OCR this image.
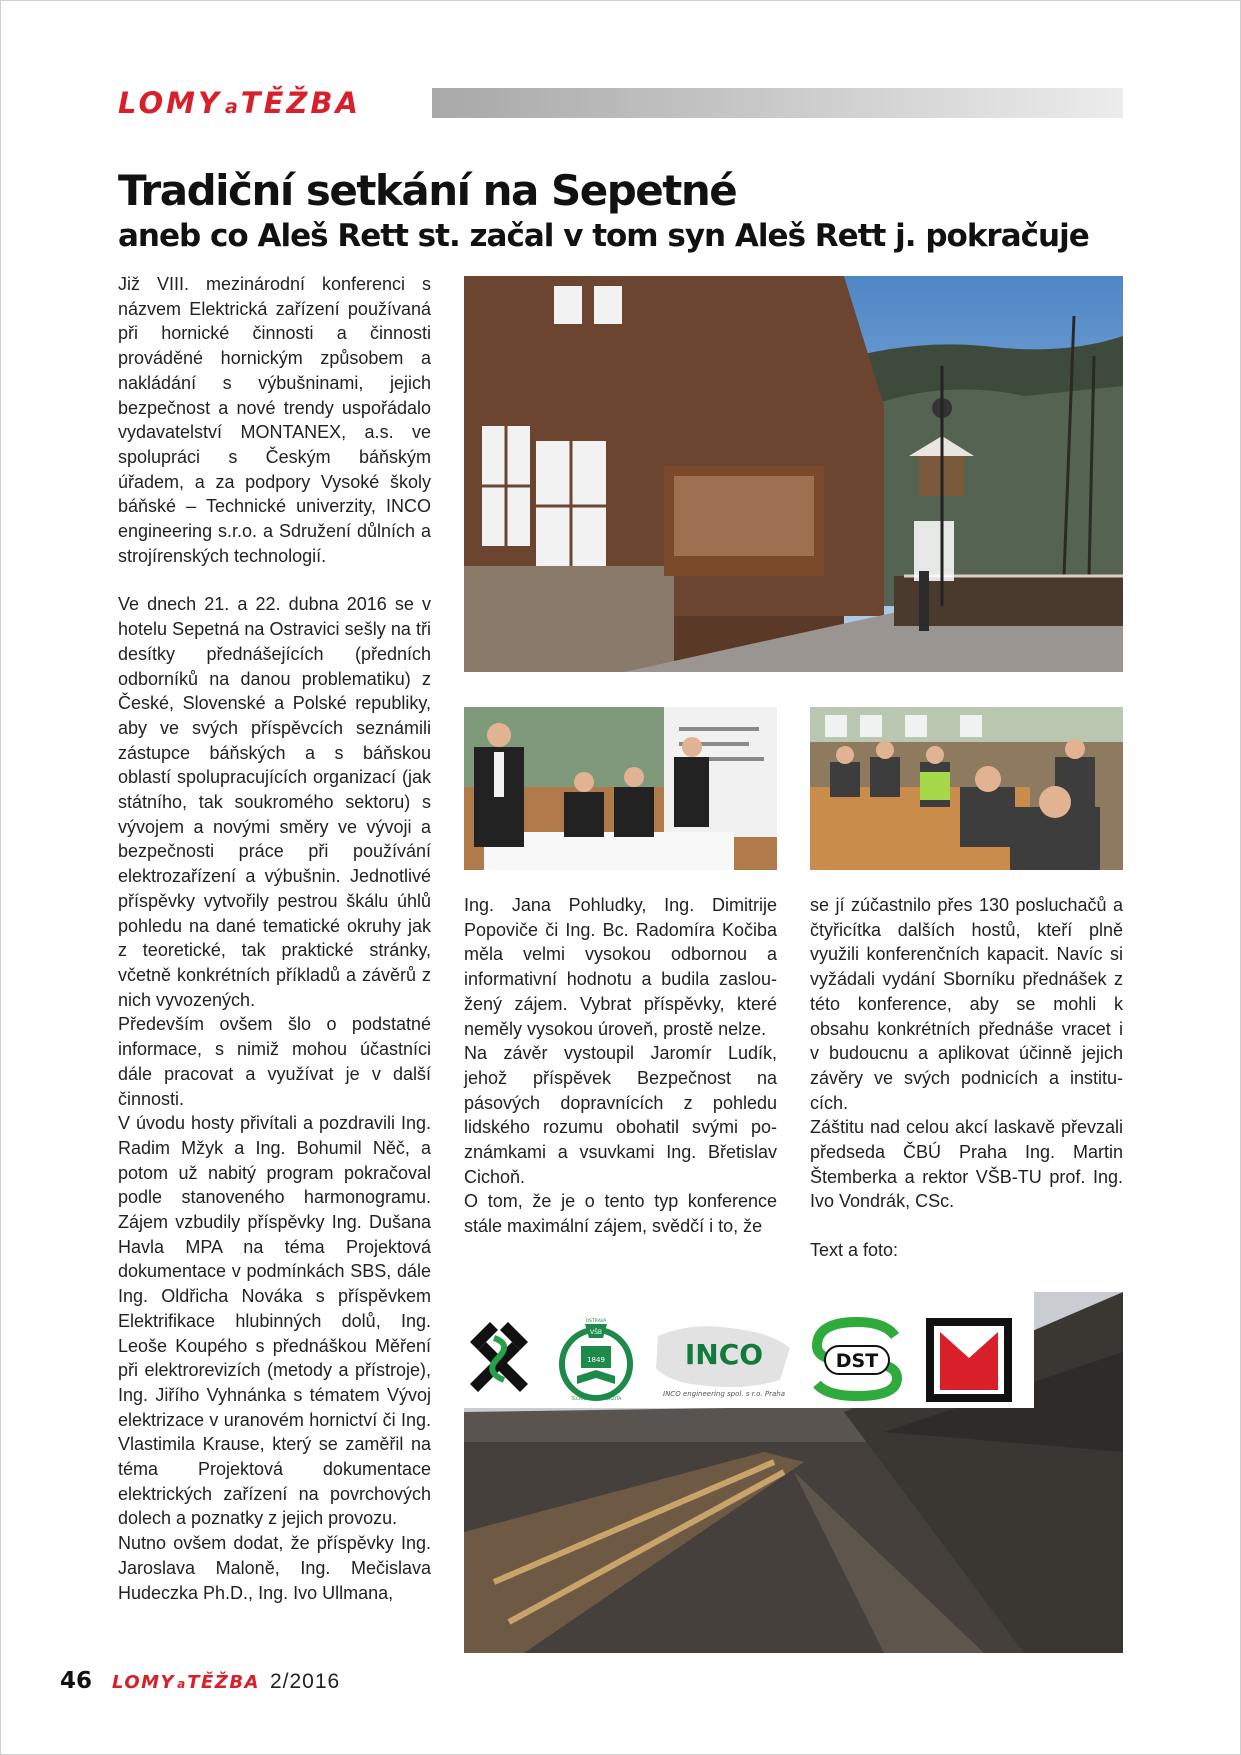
LOMY a TĚŽBA
Tradiční setkání na Sepetné
aneb co Aleš Rett st. začal v tom syn Aleš Rett j. pokračuje

Již VIII. mezinárodní konferenci s názvem Elektrická zařízení používaná při hornické činnosti a činnosti prováděné hornickým způsobem a nakládání s výbušninami, jejich bezpečnost a nové trendy uspořádalo vydavatelství MONTANEX, a.s. ve spolupráci s Českým báňským úřadem, a za podpory Vysoké školy báňské – Technické univerzity, INCO engineering s.r.o. a Sdružení důlních a strojírenských technologií.

Ve dnech 21. a 22. dubna 2016 se v hotelu Sepetná na Ostravici sešly na tři desítky přednášejících (předních odborníků na danou problematiku) z České, Slovenské a Polské republiky, aby ve svých příspěvcích seznámili zástupce báňských a s báňskou oblastí spolupracujících organizací (jak státního, tak soukromého sektoru) s vývojem a novými směry ve vývoji a bezpečnosti práce při používání elektrozařízení a výbušnin. Jednotlivé příspěvky vytvořily pestrou škálu úhlů pohledu na dané tematické okruhy jak z teoretické, tak praktické stránky, včetně konkrétních příkladů a závěrů z nich vyvozených.

Především ovšem šlo o podstatné informace, s nimiž mohou účastníci dále pracovat a využívat je v další činnosti.

V úvodu hosty přivítali a pozdravili Ing. Radim Mžyk a Ing. Bohumil Něč, a potom už nabitý program pokračoval podle stanoveného harmonogramu. Zájem vzbudily příspěvky Ing. Dušana Havla MPA na téma Projektová dokumentace v podmínkách SBS, dále Ing. Oldřicha Nováka s příspěvkem Elektrifikace hlubinných dolů, Ing. Leoše Koupého s přednáškou Měření při elektrorevizích (metody a přístroje), Ing. Jiřího Vyhnánka s tématem Vývoj elektrizace v uranovém hornictví či Ing. Vlastimila Krause, který se zaměřil na téma Projektová dokumentace elektrických zařízení na povrchových dolech a poznatky z jejich provozu.

Nutno ovšem dodat, že příspěvky Ing. Jaroslava Maloně, Ing. Mečislava Hudeczka Ph.D., Ing. Ivo Ullmana,

Ing. Jana Pohludky, Ing. Dimitrije Popoviče či Ing. Bc. Radomíra Kočiba měla velmi vysokou odbornou a informativní hodnotu a budila zasloužený zájem. Vybrat příspěvky, které neměly vysokou úroveň, prostě nelze.

Na závěr vystoupil Jaromír Ludík, jehož příspěvek Bezpečnost na pásových dopravnících z pohledu lidského rozumu obohatil svými poznámkami a vsuvkami Ing. Břetislav Cichoň.

O tom, že je o tento typ konference stále maximální zájem, svědčí i to, že

se jí zúčastnilo přes 130 posluchačů a čtyřicítka dalších hostů, kteří plně využili konferenčních kapacit. Navíc si vyžádali vydání Sborníku přednášek z této konference, aby se mohli k obsahu konkrétních přednáše vracet i v budoucnu a aplikovat účinně jejich závěry ve svých podnicích a institucích.

Záštitu nad celou akcí laskavě převzali předseda ČBÚ Praha Ing. Martin Štemberka a rektor VŠB-TU prof. Ing. Ivo Vondrák, CSc.

Text a foto:

1849
VŠB
TECHNICKÁ UNIVERZITA
OSTRAVA
INCO
INCO engineering spol. s r.o. Praha
DST
46 LOMY a TĚŽBA 2/2016
